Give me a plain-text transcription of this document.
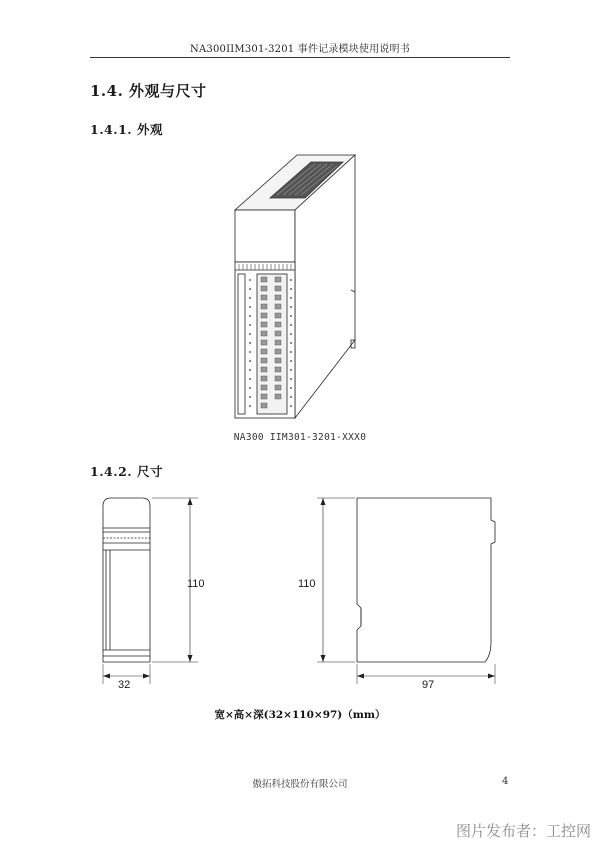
NA300IIM301-3201 事件记录模块使用说明书
1.4. 外观与尺寸
1.4.1. 外观
NA300 IIM301-3201-XXX0
1.4.2. 尺寸
110
32
110
97
宽×高×深(32×110×97)（mm）
傲拓科技股份有限公司	4
图片发布者：工控网
